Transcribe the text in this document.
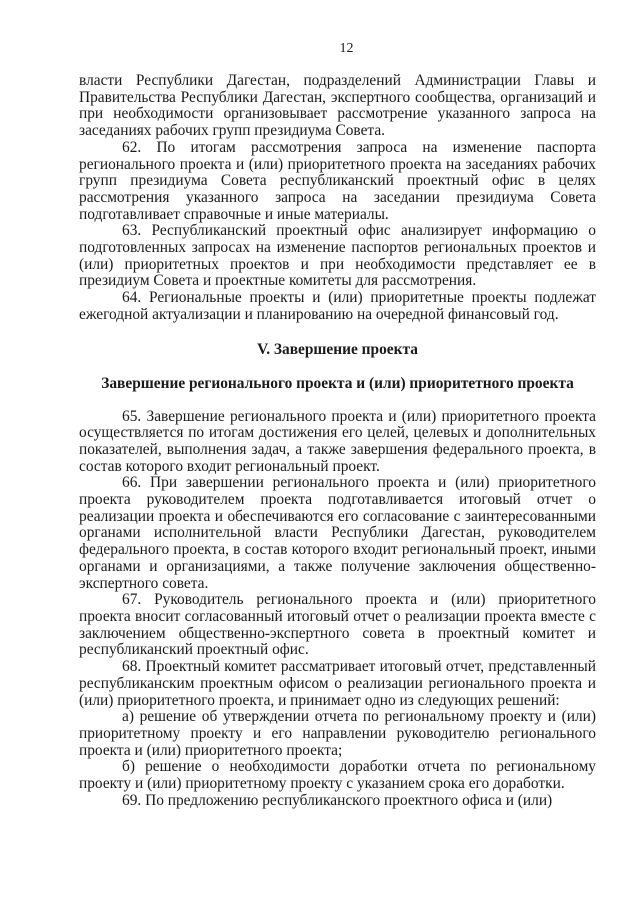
12

власти Республики Дагестан, подразделений Администрации Главы и Правительства Республики Дагестан, экспертного сообщества, организаций и при необходимости организовывает рассмотрение указанного запроса на заседаниях рабочих групп президиума Совета.

62. По итогам рассмотрения запроса на изменение паспорта регионального проекта и (или) приоритетного проекта на заседаниях рабочих групп президиума Совета республиканский проектный офис в целях рассмотрения указанного запроса на заседании президиума Совета подготавливает справочные и иные материалы.

63. Республиканский проектный офис анализирует информацию о подготовленных запросах на изменение паспортов региональных проектов и (или) приоритетных проектов и при необходимости представляет ее в президиум Совета и проектные комитеты для рассмотрения.

64. Региональные проекты и (или) приоритетные проекты подлежат ежегодной актуализации и планированию на очередной финансовый год.

V. Завершение проекта
Завершение регионального проекта и (или) приоритетного проекта

65. Завершение регионального проекта и (или) приоритетного проекта осуществляется по итогам достижения его целей, целевых и дополнительных показателей, выполнения задач, а также завершения федерального проекта, в состав которого входит региональный проект.

66. При завершении регионального проекта и (или) приоритетного проекта руководителем проекта подготавливается итоговый отчет о реализации проекта и обеспечиваются его согласование с заинтересованными органами исполнительной власти Республики Дагестан, руководителем федерального проекта, в состав которого входит региональный проект, иными органами и организациями, а также получение заключения общественно-экспертного совета.

67. Руководитель регионального проекта и (или) приоритетного проекта вносит согласованный итоговый отчет о реализации проекта вместе с заключением общественно-экспертного совета в проектный комитет и республиканский проектный офис.

68. Проектный комитет рассматривает итоговый отчет, представленный республиканским проектным офисом о реализации регионального проекта и (или) приоритетного проекта, и принимает одно из следующих решений:

а) решение об утверждении отчета по региональному проекту и (или) приоритетному проекту и его направлении руководителю регионального проекта и (или) приоритетного проекта;

б) решение о необходимости доработки отчета по региональному проекту и (или) приоритетному проекту с указанием срока его доработки.

69. По предложению республиканского проектного офиса и (или)
